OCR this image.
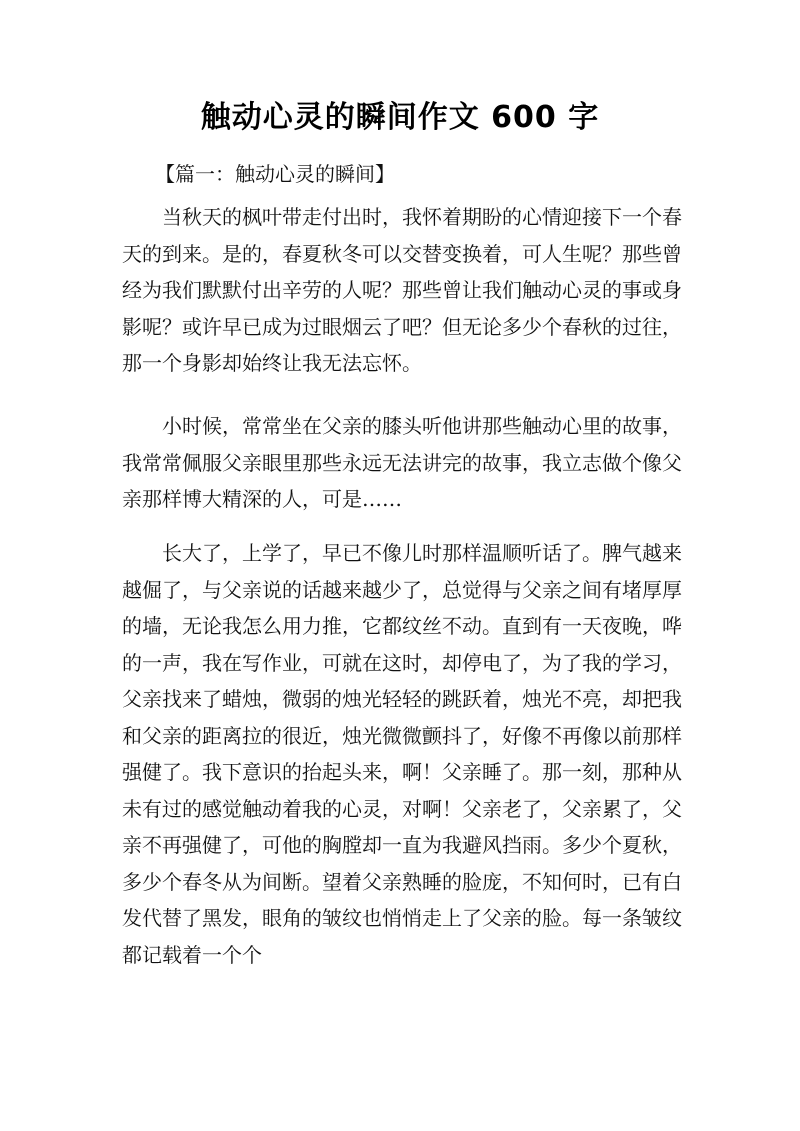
触动心灵的瞬间作文 600 字

【篇一：触动心灵的瞬间】

当秋天的枫叶带走付出时，我怀着期盼的心情迎接下一个春天的到来。是的，春夏秋冬可以交替变换着，可人生呢？那些曾经为我们默默付出辛劳的人呢？那些曾让我们触动心灵的事或身影呢？或许早已成为过眼烟云了吧？但无论多少个春秋的过往，那一个身影却始终让我无法忘怀。

小时候，常常坐在父亲的膝头听他讲那些触动心里的故事，我常常佩服父亲眼里那些永远无法讲完的故事，我立志做个像父亲那样博大精深的人，可是……

长大了，上学了，早已不像儿时那样温顺听话了。脾气越来越倔了，与父亲说的话越来越少了，总觉得与父亲之间有堵厚厚的墙，无论我怎么用力推，它都纹丝不动。直到有一天夜晚，哗的一声，我在写作业，可就在这时，却停电了，为了我的学习，父亲找来了蜡烛，微弱的烛光轻轻的跳跃着，烛光不亮，却把我和父亲的距离拉的很近，烛光微微颤抖了，好像不再像以前那样强健了。我下意识的抬起头来，啊！父亲睡了。那一刻，那种从未有过的感觉触动着我的心灵，对啊！父亲老了，父亲累了，父亲不再强健了，可他的胸膛却一直为我避风挡雨。多少个夏秋，多少个春冬从为间断。望着父亲熟睡的脸庞，不知何时，已有白发代替了黑发，眼角的皱纹也悄悄走上了父亲的脸。每一条皱纹都记载着一个个
